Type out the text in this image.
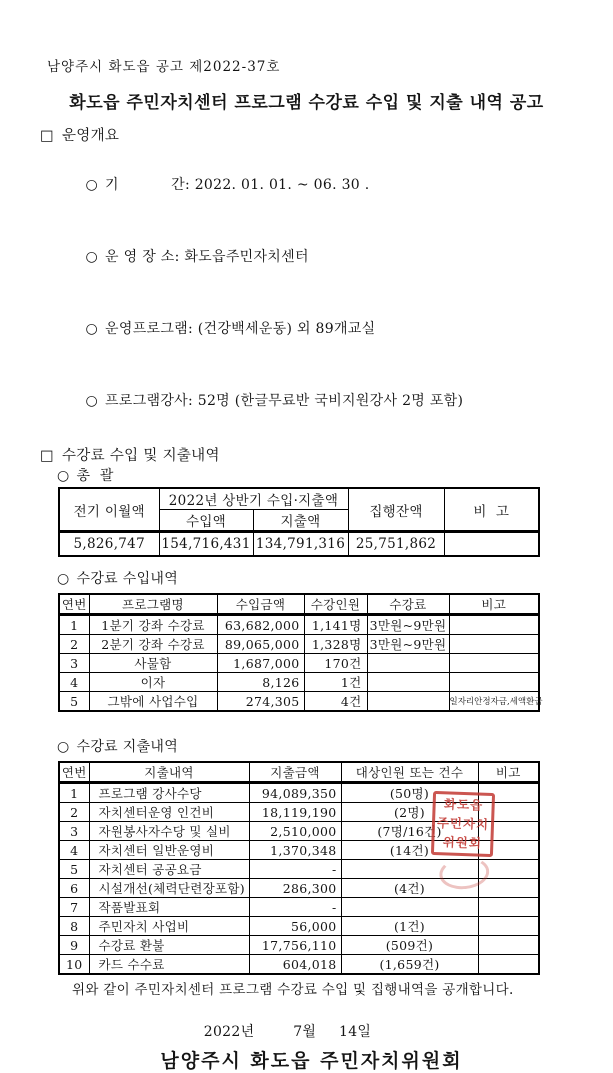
남양주시 화도읍 공고 제2022-37호
화도읍 주민자치센터 프로그램 수강료 수입 및 지출 내역 공고
□ 운영개요

○ 기           간: 2022. 01. 01. ~ 06. 30 .

○ 운 영 장 소: 화도읍주민자치센터

○ 운영프로그램: (건강백세운동) 외 89개교실

○ 프로그램강사: 52명 (한글무료반 국비지원강사 2명 포함)

□ 수강료 수입 및 지출내역
○ 총  괄
전기 이월액	2022년 상반기 수입·지출액		집행잔액	비  고
	수입액	지출액		
5,826,747	154,716,431	134,791,316	25,751,862	
○ 수강료 수입내역
연번	프로그램명	수입금액	수강인원	수강료	비고
1	1분기 강좌 수강료	63,682,000	1,141명	3만원~9만원	
2	2분기 강좌 수강료	89,065,000	1,328명	3만원~9만원	
3	사물함	1,687,000	170건		
4	이자	8,126	1건		
5	그밖에 사업수입	274,305	4건		일자리안정자금,세액환급
○ 수강료 지출내역
연번	지출내역	지출금액	대상인원 또는 건수	비고
1	프로그램 강사수당	94,089,350	(50명)	
2	자치센터운영 인건비	18,119,190	(2명)	
3	자원봉사자수당 및 실비	2,510,000	(7명/16건)	
4	자치센터 일반운영비	1,370,348	(14건)	
5	자치센터 공공요금	-		
6	시설개선(체력단련장포함)	286,300	(4건)	
7	작품발표회	-		
8	주민자치 사업비	56,000	(1건)	
9	수강료 환불	17,756,110	(509건)	
10	카드 수수료	604,018	(1,659건)	
위와 같이 주민자치센터 프로그램 수강료 수입 및 집행내역을 공개합니다.
2022년	7월 14일
남양주시 화도읍 주민자치위원회
화도읍
주민자치
위원회
